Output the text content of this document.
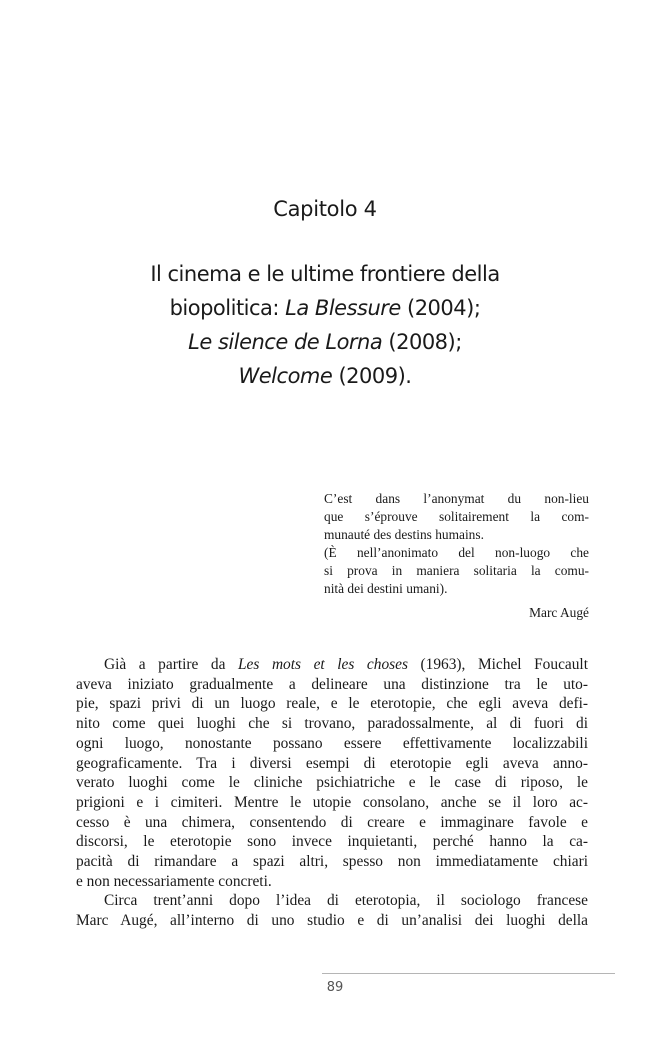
Capitolo 4
Il cinema e le ultime frontiere della
biopolitica: La Blessure (2004);
Le silence de Lorna (2008);
Welcome (2009).

C’est dans l’anonymat du non-lieu

que s’éprouve solitairement la com-

munauté des destins humains.

(È nell’anonimato del non-luogo che

si prova in maniera solitaria la comu-

nità dei destini umani).

Marc Augé

Già a partire da Les mots et les choses (1963), Michel Foucault
aveva iniziato gradualmente a delineare una distinzione tra le uto-
pie, spazi privi di un luogo reale, e le eterotopie, che egli aveva defi-
nito come quei luoghi che si trovano, paradossalmente, al di fuori di
ogni luogo, nonostante possano essere effettivamente localizzabili
geograficamente. Tra i diversi esempi di eterotopie egli aveva anno-
verato luoghi come le cliniche psichiatriche e le case di riposo, le
prigioni e i cimiteri. Mentre le utopie consolano, anche se il loro ac-
cesso è una chimera, consentendo di creare e immaginare favole e
discorsi, le eterotopie sono invece inquietanti, perché hanno la ca-
pacità di rimandare a spazi altri, spesso non immediatamente chiari
e non necessariamente concreti.
Circa trent’anni dopo l’idea di eterotopia, il sociologo francese
Marc Augé, all’interno di uno studio e di un’analisi dei luoghi della
89
